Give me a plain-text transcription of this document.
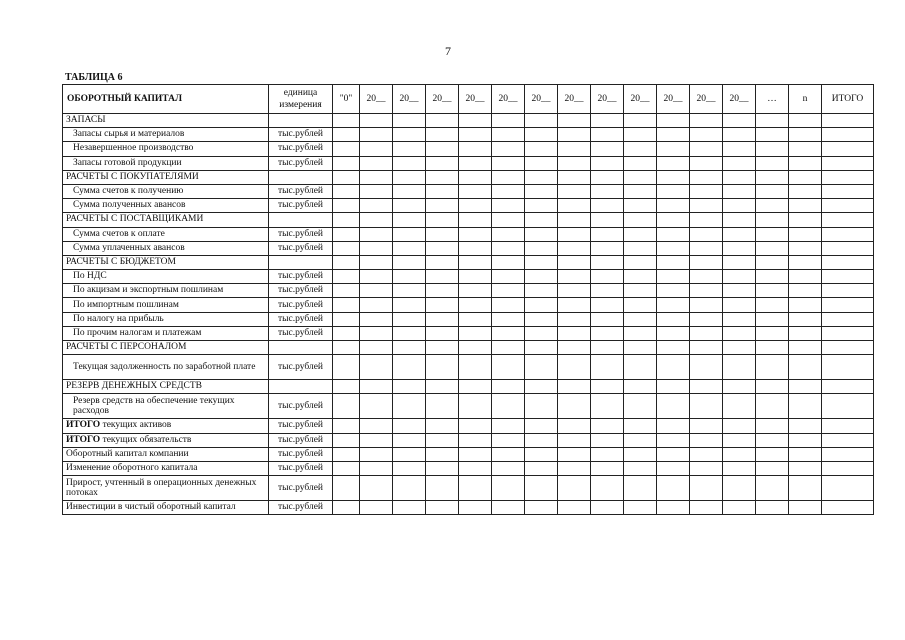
7
ТАБЛИЦА 6
ОБОРОТНЫЙ КАПИТАЛ	единица измерения	"0"	20__	20__	20__	20__	20__	20__	20__	20__	20__	20__	20__	20__	…	n	ИТОГО
ЗАПАСЫ																	
Запасы сырья и материалов	тыс.рублей																
Незавершенное производство	тыс.рублей																
Запасы готовой продукции	тыс.рублей																
РАСЧЕТЫ С ПОКУПАТЕЛЯМИ																	
Сумма счетов к получению	тыс.рублей																
Сумма полученных авансов	тыс.рублей																
РАСЧЕТЫ С ПОСТАВЩИКАМИ																	
Сумма счетов к оплате	тыс.рублей																
Сумма уплаченных авансов	тыс.рублей																
РАСЧЕТЫ С БЮДЖЕТОМ																	
По НДС	тыс.рублей																
По акцизам и экспортным пошлинам	тыс.рублей																
По импортным пошлинам	тыс.рублей																
По налогу на прибыль	тыс.рублей																
По прочим налогам и платежам	тыс.рублей																
РАСЧЕТЫ С ПЕРСОНАЛОМ																	
Текущая задолженность по заработной плате	тыс.рублей																
РЕЗЕРВ ДЕНЕЖНЫХ СРЕДСТВ																	
Резерв средств на обеспечение текущих расходов	тыс.рублей																
ИТОГО текущих активов	тыс.рублей																
ИТОГО текущих обязательств	тыс.рублей																
Оборотный капитал компании	тыс.рублей																
Изменение оборотного капитала	тыс.рублей																
Прирост, учтенный в операционных денежных потоках	тыс.рублей																
Инвестиции в чистый оборотный капитал	тыс.рублей																
